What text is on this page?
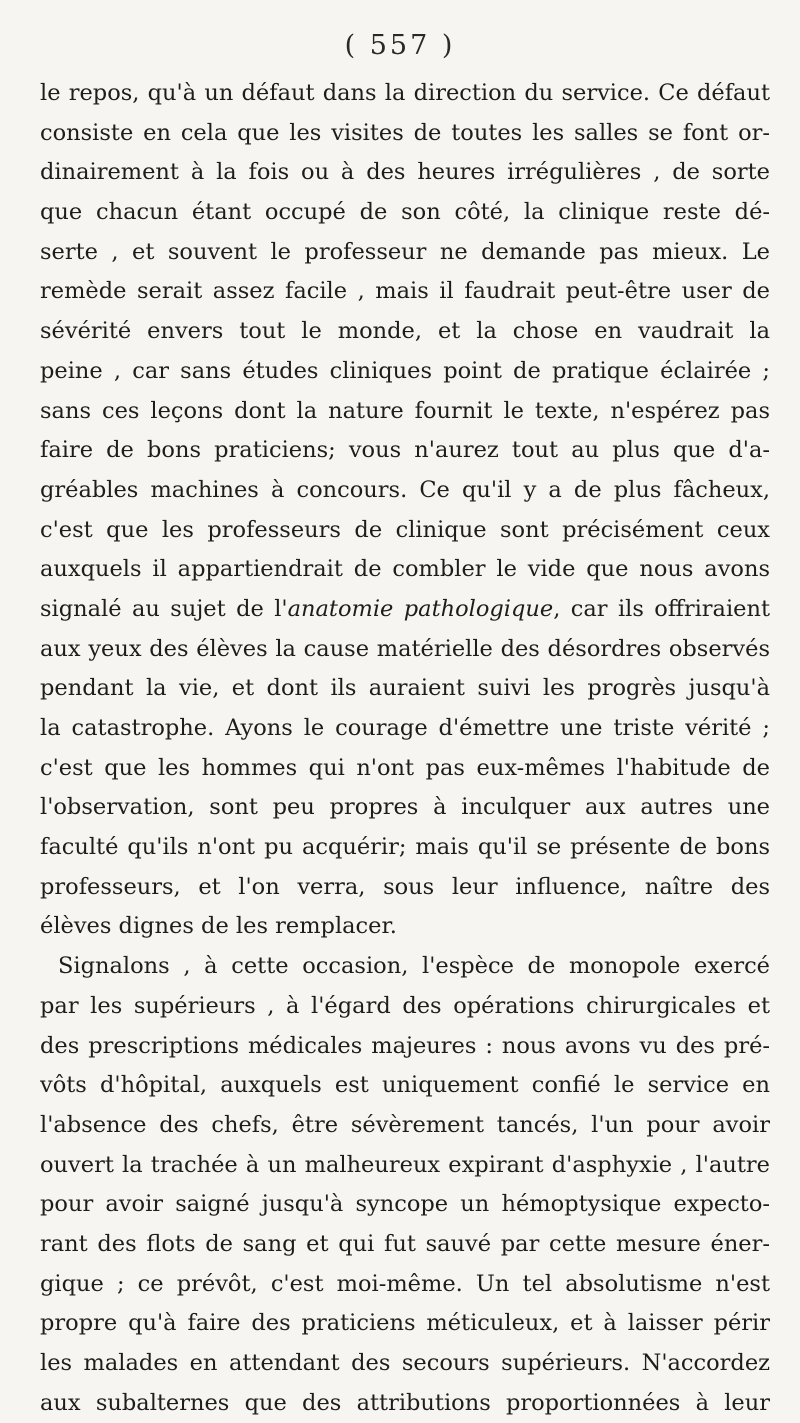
( 557 )
le repos, qu'à un défaut dans la direction du service. Ce défaut
consiste en cela que les visites de toutes les salles se font or-
dinairement à la fois ou à des heures irrégulières , de sorte
que chacun étant occupé de son côté, la clinique reste dé-
serte , et souvent le professeur ne demande pas mieux. Le
remède serait assez facile , mais il faudrait peut-être user de
sévérité envers tout le monde, et la chose en vaudrait la
peine , car sans études cliniques point de pratique éclairée ;
sans ces leçons dont la nature fournit le texte, n'espérez pas
faire de bons praticiens; vous n'aurez tout au plus que d'a-
gréables machines à concours. Ce qu'il y a de plus fâcheux,
c'est que les professeurs de clinique sont précisément ceux
auxquels il appartiendrait de combler le vide que nous avons
signalé au sujet de l'anatomie pathologique, car ils offriraient
aux yeux des élèves la cause matérielle des désordres observés
pendant la vie, et dont ils auraient suivi les progrès jusqu'à
la catastrophe. Ayons le courage d'émettre une triste vérité ;
c'est que les hommes qui n'ont pas eux-mêmes l'habitude de
l'observation, sont peu propres à inculquer aux autres une
faculté qu'ils n'ont pu acquérir; mais qu'il se présente de bons
professeurs, et l'on verra, sous leur influence, naître des
élèves dignes de les remplacer.
Signalons , à cette occasion, l'espèce de monopole exercé
par les supérieurs , à l'égard des opérations chirurgicales et
des prescriptions médicales majeures : nous avons vu des pré-
vôts d'hôpital, auxquels est uniquement confié le service en
l'absence des chefs, être sévèrement tancés, l'un pour avoir
ouvert la trachée à un malheureux expirant d'asphyxie , l'autre
pour avoir saigné jusqu'à syncope un hémoptysique expecto-
rant des flots de sang et qui fut sauvé par cette mesure éner-
gique ; ce prévôt, c'est moi-même. Un tel absolutisme n'est
propre qu'à faire des praticiens méticuleux, et à laisser périr
les malades en attendant des secours supérieurs. N'accordez
aux subalternes que des attributions proportionnées à leur
